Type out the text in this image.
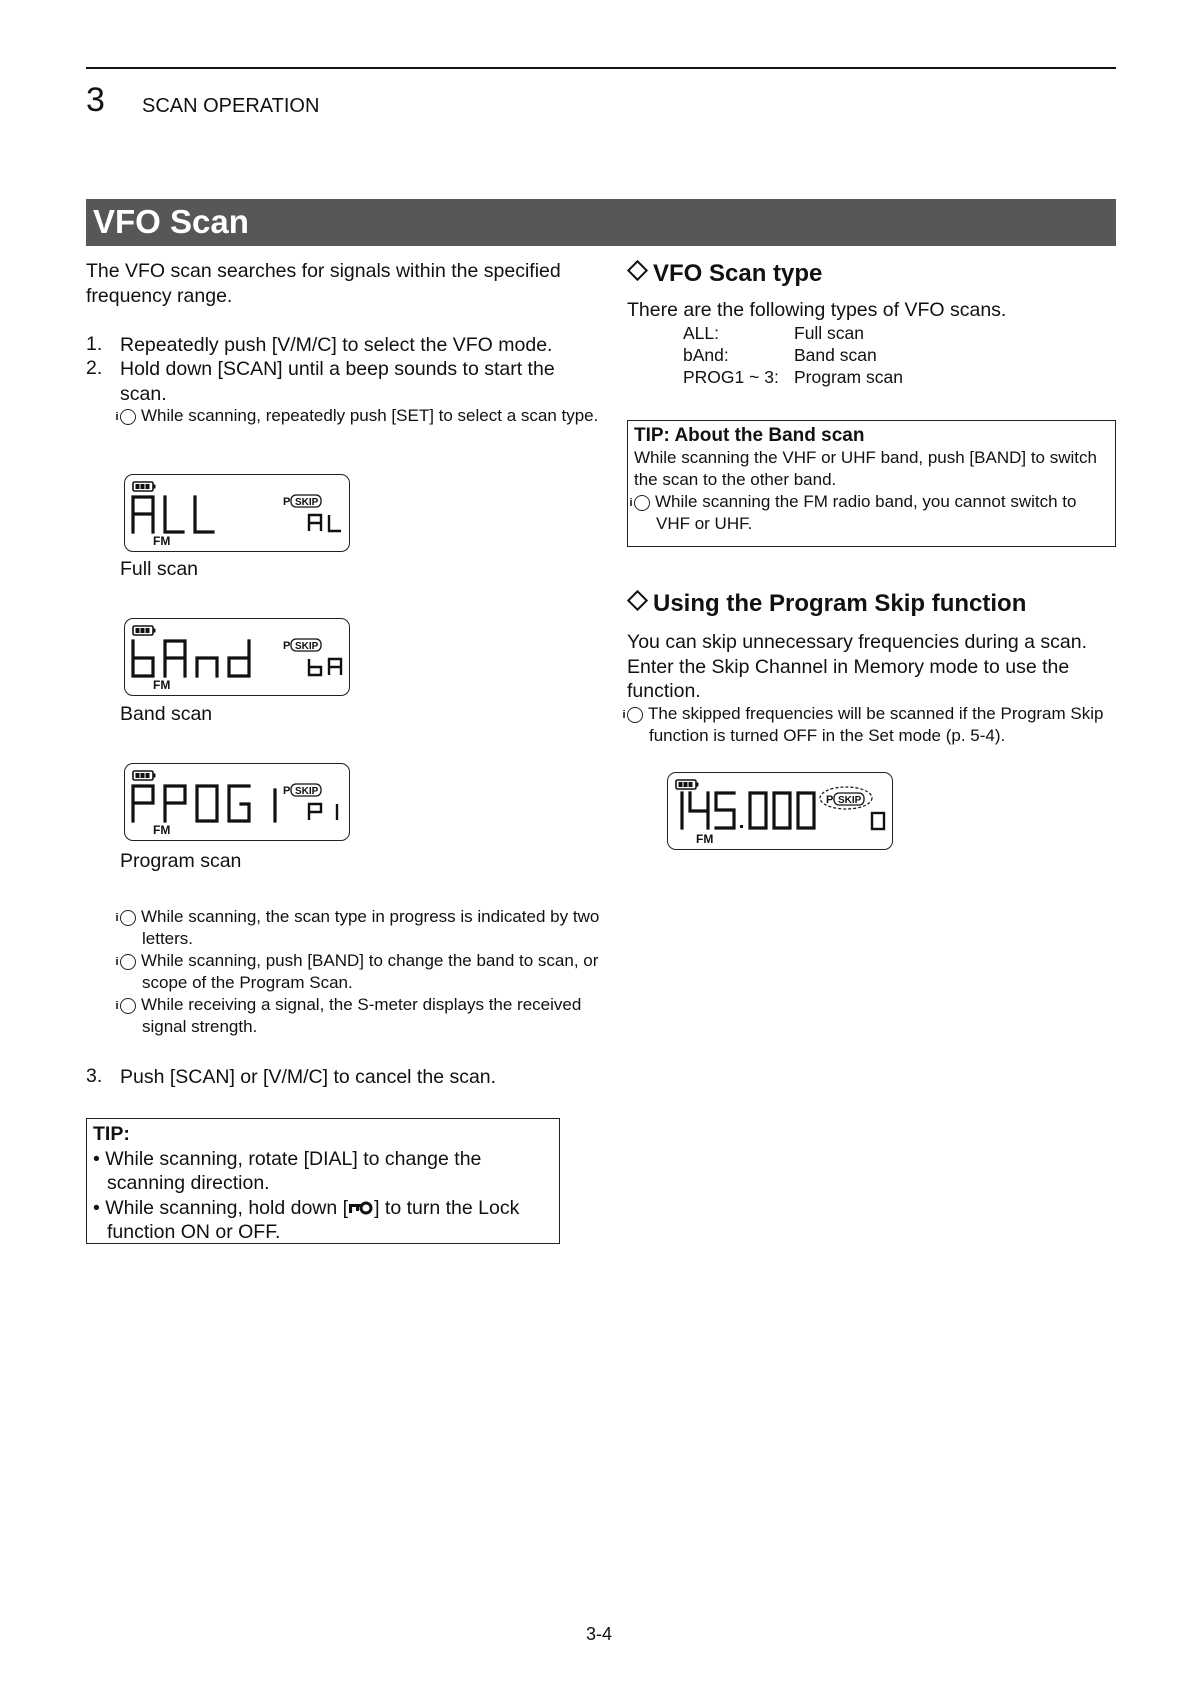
3 SCAN OPERATION
VFO Scan
The VFO scan searches for signals within the specified frequency range.
1. Repeatedly push [V/M/C] to select the VFO mode.
2. Hold down [SCAN] until a beep sounds to start the scan.
i While scanning, repeatedly push [SET] to select a scan type.
P SKIP
FM
Full scan
P SKIP
FM
Band scan
P SKIP
FM
Program scan
i While scanning, the scan type in progress is indicated by two letters.
i While scanning, push [BAND] to change the band to scan, or scope of the Program Scan.
i While receiving a signal, the S-meter displays the received signal strength.
3. Push [SCAN] or [V/M/C] to cancel the scan.
TIP:
• While scanning, rotate [DIAL] to change the scanning direction.
• While scanning, hold down [ ] to turn the Lock function ON or OFF.
VFO Scan type
There are the following types of VFO scans.
ALL:	Full scan
bAnd:	Band scan
PROG1 ~ 3: Program scan
TIP: About the Band scan
While scanning the VHF or UHF band, push [BAND] to switch the scan to the other band.
i While scanning the FM radio band, you cannot switch to VHF or UHF.
Using the Program Skip function
You can skip unnecessary frequencies during a scan. Enter the Skip Channel in Memory mode to use the function.
i The skipped frequencies will be scanned if the Program Skip function is turned OFF in the Set mode (p. 5-4).
P SKIP
FM
3-4
